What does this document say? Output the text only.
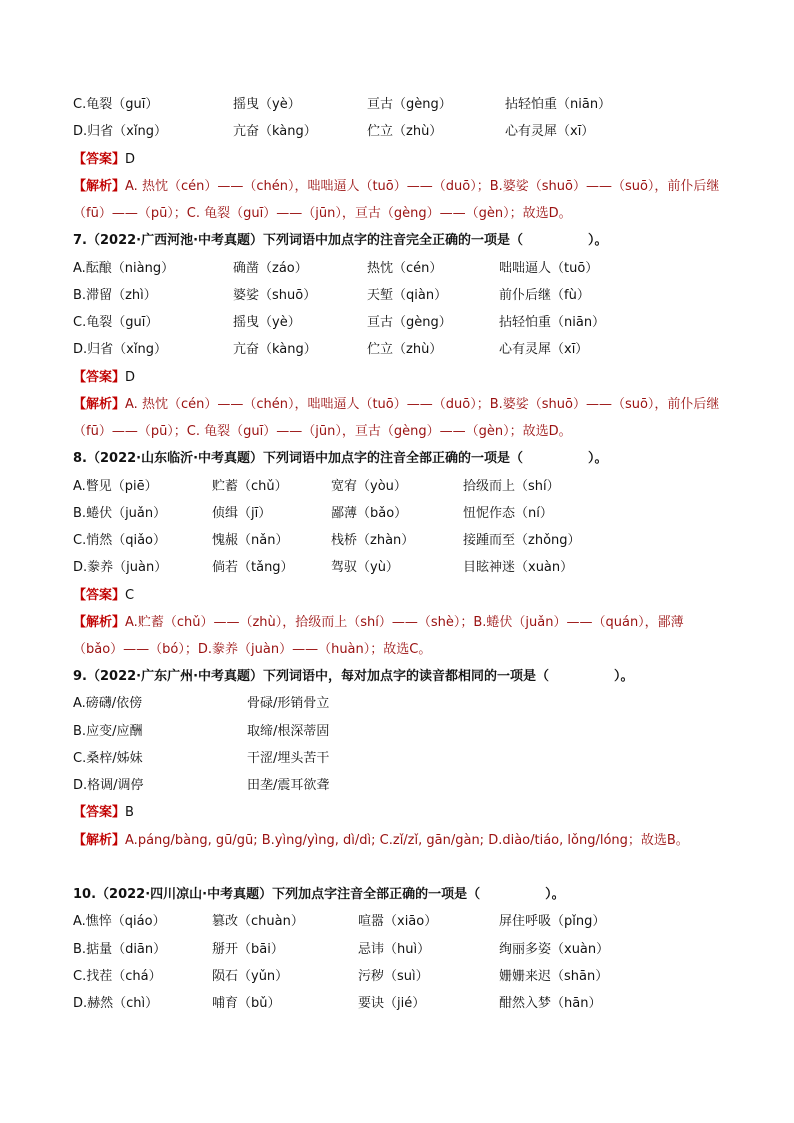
C.龟裂（guī）	摇曳（yè）	亘古（gèng）	拈轻怕重（niān）
D.归省（xǐng）	亢奋（kàng）	伫立（zhù）	心有灵犀（xī）
【答案】D
【解析】A. 热忱（cén）——（chén），咄咄逼人（tuō）——（duō）；B.婆娑（shuō）——（suō），前仆后继（fū）——（pū）；C. 龟裂（guī）——（jūn），亘古（gèng）——（gèn）；故选D。
7.（2022·广西河池·中考真题）下列词语中加点字的注音完全正确的一项是（　　　　　）。
A.酝酿（niàng）	确凿（záo）	热忱（cén）	咄咄逼人（tuō）
B.滞留（zhì）	婆娑（shuō）	天堑（qiàn）	前仆后继（fù）
C.龟裂（guī）	摇曳（yè）	亘古（gèng）	拈轻怕重（niān）
D.归省（xǐng）	亢奋（kàng）	伫立（zhù）	心有灵犀（xī）
【答案】D
【解析】A. 热忱（cén）——（chén），咄咄逼人（tuō）——（duō）；B.婆娑（shuō）——（suō），前仆后继（fū）——（pū）；C. 龟裂（guī）——（jūn），亘古（gèng）——（gèn）；故选D。
8.（2022·山东临沂·中考真题）下列词语中加点字的注音全部正确的一项是（　　　　　）。
A.瞥见（piē）	贮蓄（chǔ）	宽宥（yòu）	拾级而上（shí）
B.蜷伏（juǎn）	侦缉（jī）	鄙薄（bǎo）	忸怩作态（ní）
C.悄然（qiǎo）	愧赧（nǎn）	栈桥（zhàn）	接踵而至（zhǒng）
D.豢养（juàn）	倘若（tǎng）	驾驭（yù）	目眩神迷（xuàn）
【答案】C
【解析】A.贮蓄（chǔ）——（zhù），拾级而上（shí）——（shè）；B.蜷伏（juǎn）——（quán），鄙薄（bǎo）——（bó）；D.豢养（juàn）——（huàn）；故选C。
9.（2022·广东广州·中考真题）下列词语中，每对加点字的读音都相同的一项是（　　　　　）。
A.磅礴/依傍	骨碌/形销骨立
B.应变/应酬	取缔/根深蒂固
C.桑梓/姊妹	干涩/埋头苦干
D.格调/调停	田垄/震耳欲聋
【答案】B
【解析】A.páng/bàng, gū/gū; B.yìng/yìng, dì/dì; C.zǐ/zǐ, gān/gàn; D.diào/tiáo, lǒng/lóng；故选B。
10.（2022·四川凉山·中考真题）下列加点字注音全部正确的一项是（　　　　　）。
A.憔悴（qiáo）	篡改（chuàn）	喧嚣（xiāo）	屏住呼吸（pǐng）
B.掂量（diān）	掰开（bāi）	忌讳（huì）	绚丽多姿（xuàn）
C.找茬（chá）	陨石（yǔn）	污秽（suì）	姗姗来迟（shān）
D.赫然（chì）	哺育（bǔ）	要诀（jié）	酣然入梦（hān）
